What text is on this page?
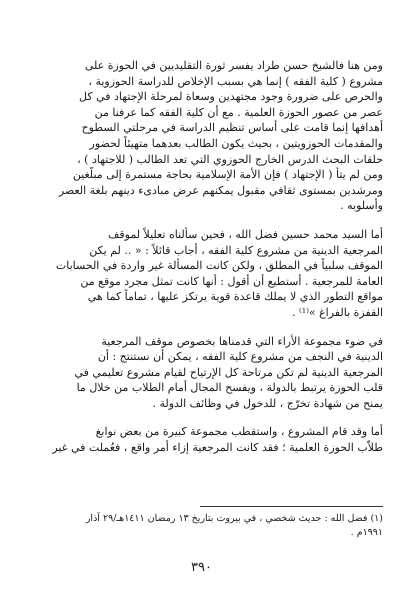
ومن هنا فالشيخ حسن طراد يفسر ثورة التقليديين في الحوزة على
مشروع ( كلية الفقه ) إنما هي بسبب الإخلاص للدراسة الحوزوية ،
والحرص على ضرورة وجود مجتهدين وسعاة لمرحلة الإجتهاد في كل
عصر من عصور الحوزة العلمية . مع أن كلية الفقه كما عرفنا من
أهدافها إنما قامت على أساس تنظيم الدراسة في مرحلتي السطوح
والمقدمات الحوزويتين ، بحيث يكون الطالب بعدهما متهيئاً لحضور
حلقات البحث الدرس الخارج الحوزوي التي تعد الطالب ( للاجتهاد ) ،
ومن لم يتأ ( الإجتهاد ) فإن الأمة الإسلامية بحاجة مستمرة إلى مبلّغين
ومرشدين بمستوى ثقافي مقبول يمكنهم عرض مبادىء دينهم بلغة العصر
وأسلوبه .

أما السيد محمد حسين فضل الله ، فحين سألناه تعليلاً لموقف
المرجعية الدينية من مشروع كلية الفقه ، أجاب قائلاً : « .. لم يكن
الموقف سلبياً في المطلق ، ولكن كانت المسألة غير واردة في الحسابات
العامة للمرجعية . أستطيع أن أقول : أنها كانت تمثل مجرد موقع من
مواقع التطور الذي لا يملك قاعدة قوية يرتكز عليها ، تماماً كما هي
القفزة بالفراغ »⁽¹⁾ .

في ضوء مجموعة الأراء التي قدمناها بخصوص موقف المرجعية
الدينية في النجف من مشروع كلية الفقه ، يمكن أن نستنتج : أن
المرجعية الدينية لم تكن مرتاحة كل الإرتياح لقيام مشروع تعليمي في
قلب الحوزة يرتبط بالدولة ، ويفسح المجال أمام الطلاب من خلال ما
يمنح من شهادة تخرّج ، للدخول في وظائف الدولة .

أما وقد قام المشروع ، واستقطب مجموعة كبيرة من بعض نوابغ
طلاّب الحوزة العلمية ؛ فقد كانت المرجعية إزاء أمر واقع ، فعُملت في غير

(١) فضل الله : حديث شخصي ، في بيروت بتاريخ ١٣ رمضان ١٤١١هـ/٢٩ آذار
١٩٩١م .
٣٩٠
